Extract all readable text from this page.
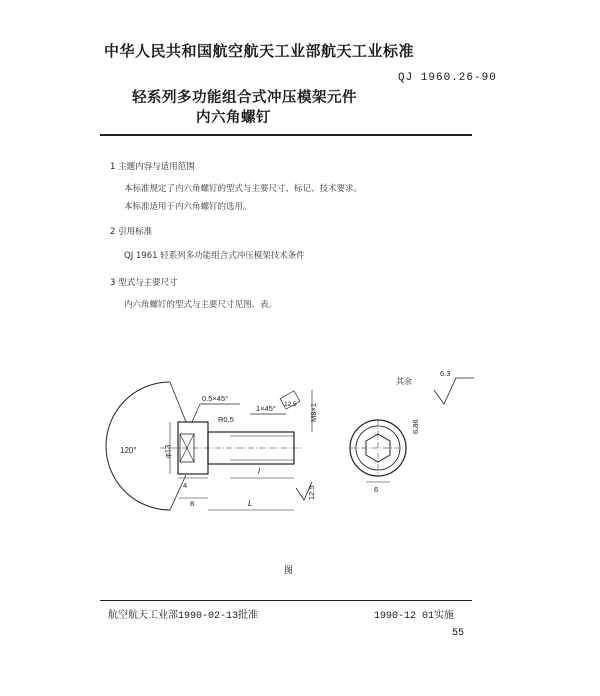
中华人民共和国航空航天工业部航天工业标准
QJ 1960.26-90
轻系列多功能组合式冲压模架元件
内六角螺钉
1 主题内容与适用范围
本标准规定了内六角螺钉的型式与主要尺寸、标记、技术要求。
本标准适用于内六角螺钉的选用。
2 引用标准
QJ 1961 轻系列多功能组合式冲压模架技术条件
3 型式与主要尺寸
内六角螺钉的型式与主要尺寸见图、表。
120°
0.5×45°
R0.5
1×45° 12.5 M8×1
φ13
4
l
8	L
12.5
6.86
6
其余
6.3
图
航空航天工业部1990-02-13批准	1990-12 01实施
55
